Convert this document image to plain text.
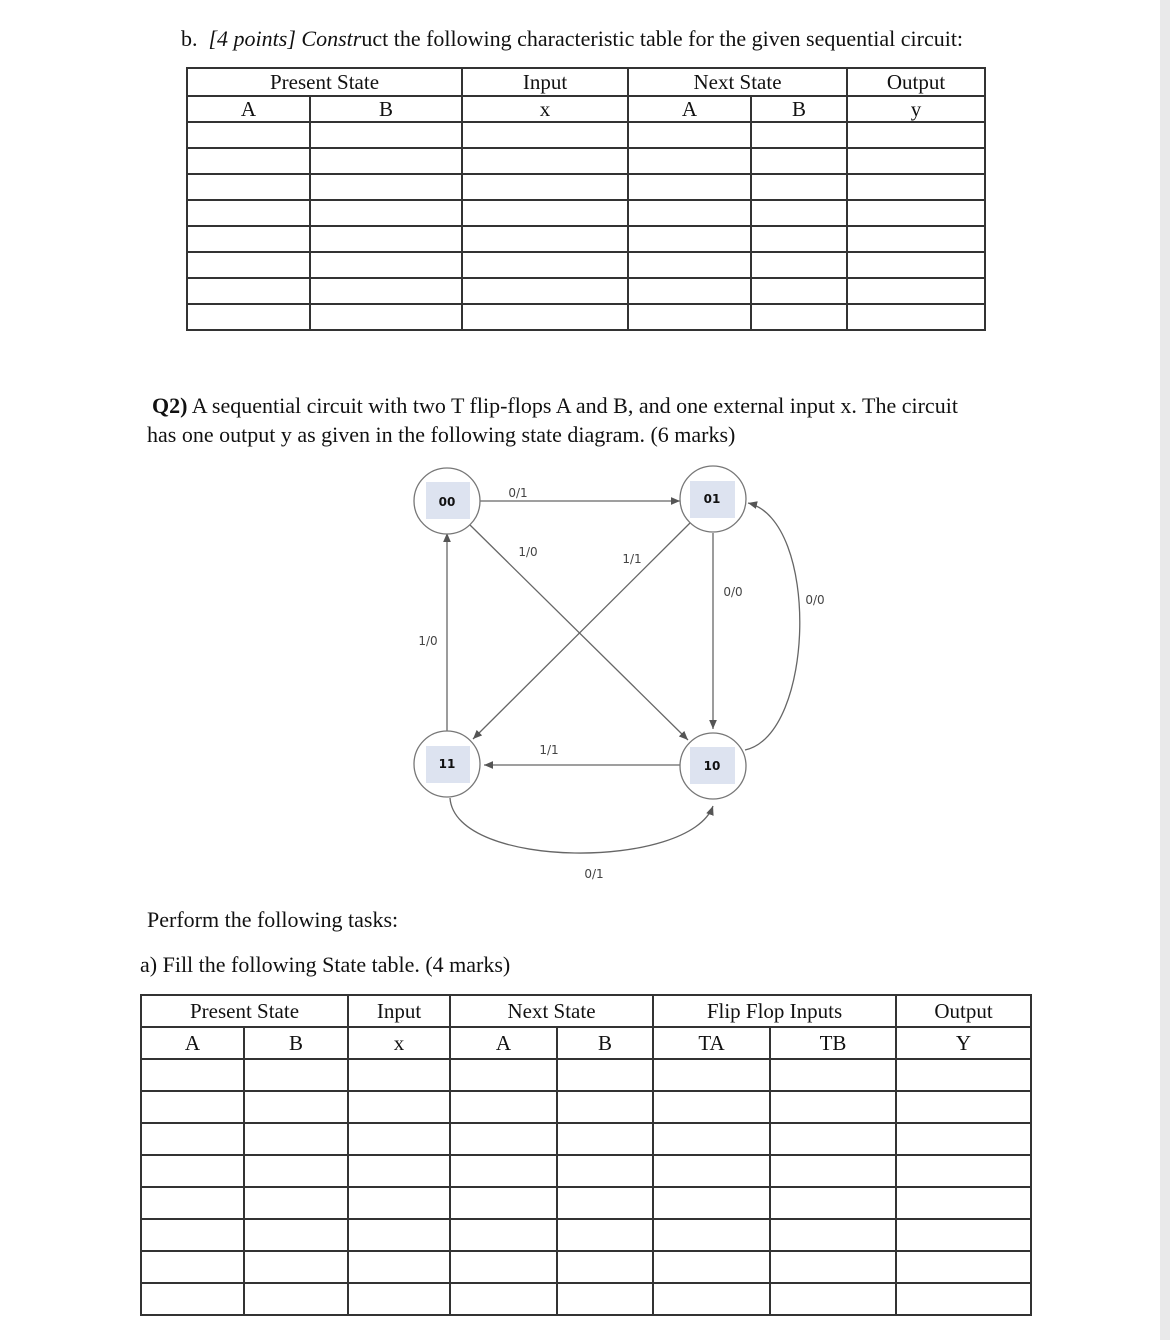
b. [4 points] Construct the following characteristic table for the given sequential circuit:
Present State		Input	Next State		Output
A	B	x	A	B	y

Q2) A sequential circuit with two T flip-flops A and B, and one external input x. The circuit
has one output y as given in the following state diagram. (6 marks)
00	01
11	10
0/1
1/0	1/1
0/0
0/0
1/0
1/1
0/1
Perform the following tasks:
a) Fill the following State table. (4 marks)
Present State		Input	Next State		Flip Flop Inputs		Output
A	B	x	A	B	TA	TB	Y
